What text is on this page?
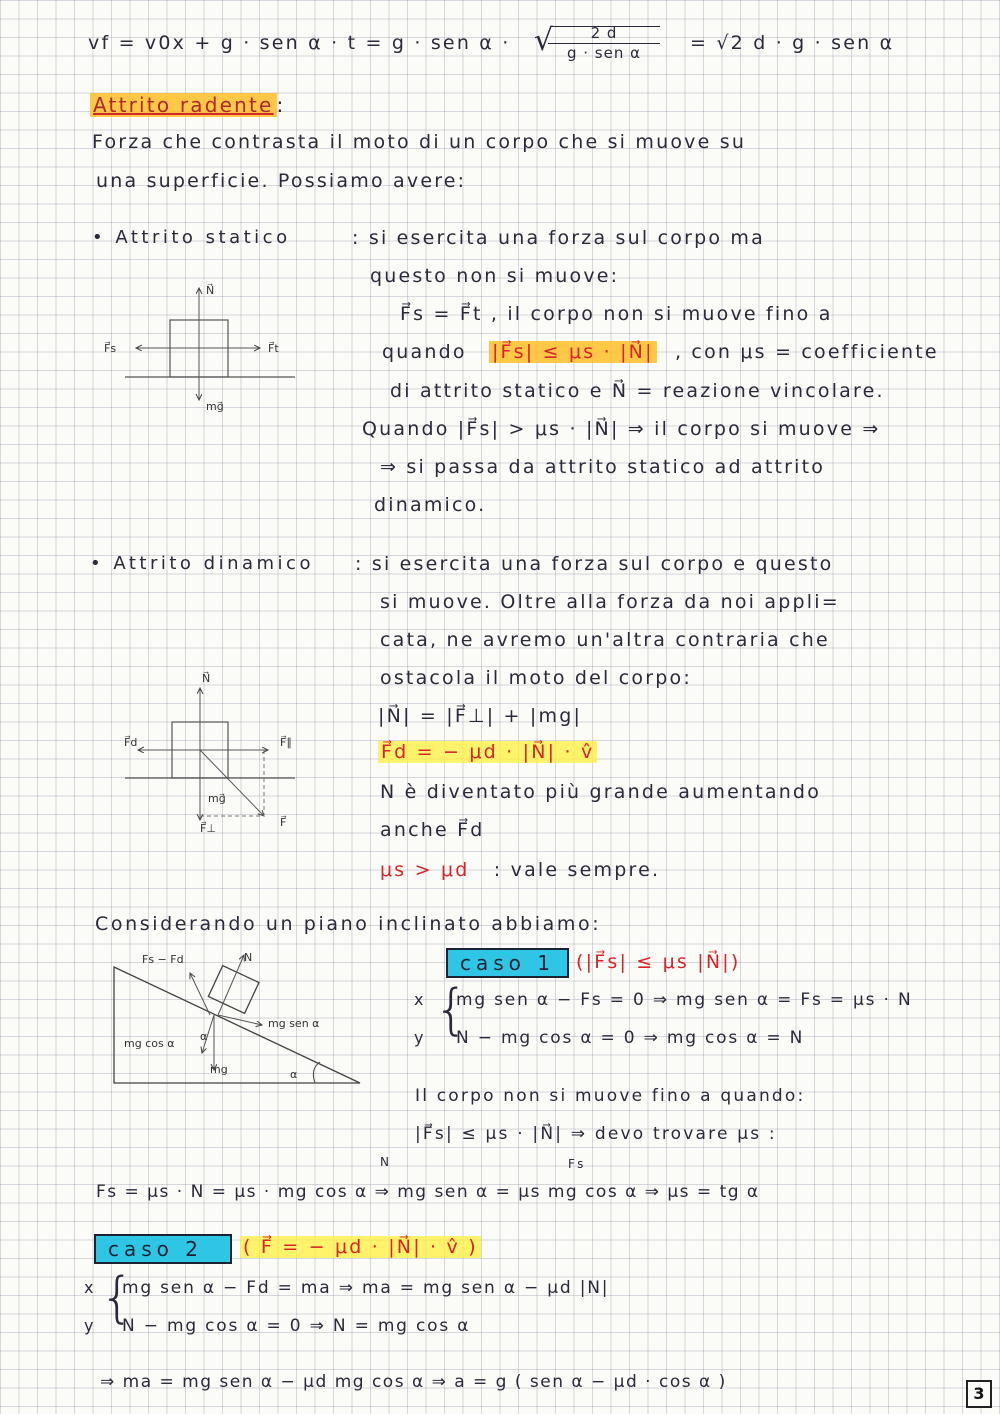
vf = v0x + g · sen α · t = g · sen α · √	2 d
g · sen α	= √2 d · g · sen α
Attrito radente :
Forza che contrasta il moto di un corpo che si muove su
una superficie. Possiamo avere:
• Attrito statico	: si esercita una forza sul corpo ma
questo non si muove:
F⃗s = F⃗t , il corpo non si muove fino a
quando |F⃗s| ≤ μs · |N⃗| , con μs = coefficiente
di attrito statico e N⃗ = reazione vincolare.
Quando |F⃗s| > μs · |N⃗| ⇒ il corpo si muove ⇒
⇒ si passa da attrito statico ad attrito
dinamico.
N⃗
F⃗s	F⃗t
mg⃗
• Attrito dinamico : si esercita una forza sul corpo e questo
si muove. Oltre alla forza da noi appli=
cata, ne avremo un'altra contraria che
ostacola il moto del corpo:
|N⃗| = |F⃗⊥| + |mg|
F⃗d = − μd · |N⃗| · v̂
N è diventato più grande aumentando
anche F⃗d
μs > μd : vale sempre.
N⃗
F⃗d	F⃗∥
mg⃗
F⃗⊥	F⃗
Considerando un piano inclinato abbiamo:
Fs − Fd	N
mg sen α
mg cos α
mg	α
α
caso 1	(|F⃗s| ≤ μs |N⃗|)
x
y {
mg sen α − Fs = 0 ⇒ mg sen α = Fs = μs · N
N − mg cos α = 0 ⇒ mg cos α = N
Il corpo non si muove fino a quando:
|F⃗s| ≤ μs · |N⃗| ⇒ devo trovare μs :
N	Fs
Fs = μs · N = μs · mg cos α ⇒ mg sen α = μs mg cos α ⇒ μs = tg α
caso 2	( F⃗ = − μd · |N⃗| · v̂ )
x
y {
mg sen α − Fd = ma ⇒ ma = mg sen α − μd |N|
N − mg cos α = 0 ⇒ N = mg cos α
⇒ ma = mg sen α − μd mg cos α ⇒ a = g ( sen α − μd · cos α )
3
